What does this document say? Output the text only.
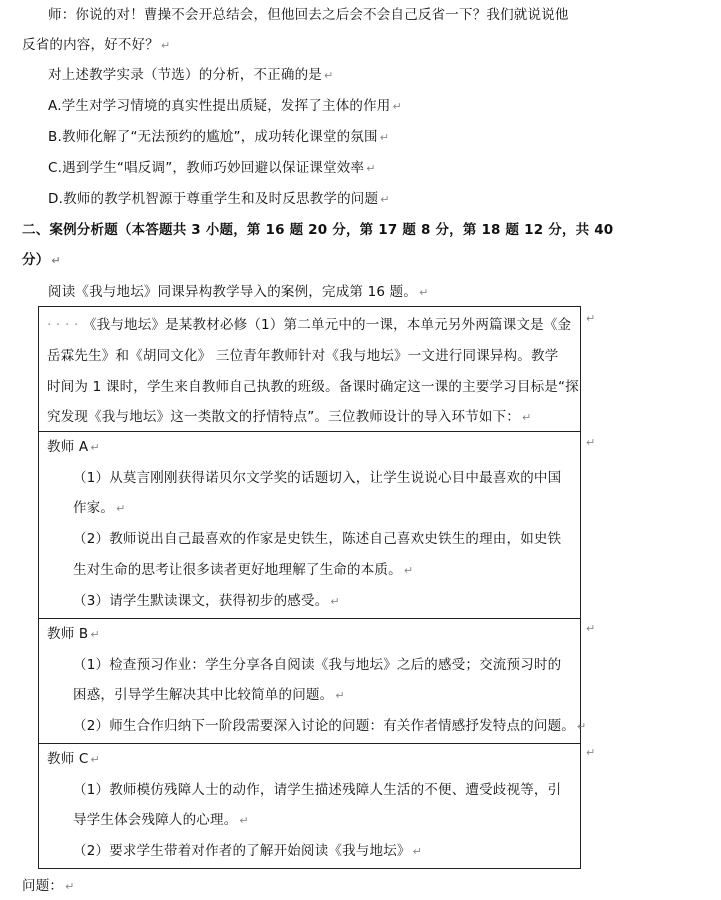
师：你说的对！曹操不会开总结会，但他回去之后会不会自己反省一下？我们就说说他
反省的内容，好不好？ ↵
对上述教学实录（节选）的分析，不正确的是 ↵
A.学生对学习情境的真实性提出质疑，发挥了主体的作用 ↵
B.教师化解了“无法预约的尴尬”，成功转化课堂的氛围 ↵
C.遇到学生“唱反调”，教师巧妙回避以保证课堂效率 ↵
D.教师的教学机智源于尊重学生和及时反思教学的问题 ↵
二、案例分析题（本答题共 3 小题，第 16 题 20 分，第 17 题 8 分，第 18 题 12 分，共 40
分） ↵
阅读《我与地坛》同课异构教学导入的案例，完成第 16 题。 ↵
· · · · 《我与地坛》是某教材必修（1）第二单元中的一课，本单元另外两篇课文是《金
岳霖先生》和《胡同文化》 三位青年教师针对《我与地坛》一文进行同课异构。教学
时间为 1 课时，学生来自教师自己执教的班级。备课时确定这一课的主要学习目标是“探
究发现《我与地坛》这一类散文的抒情特点”。三位教师设计的导入环节如下： ↵

教师 A ↵
（1）从莫言刚刚获得诺贝尔文学奖的话题切入，让学生说说心目中最喜欢的中国
作家。 ↵
（2）教师说出自己最喜欢的作家是史铁生，陈述自己喜欢史铁生的理由，如史铁
生对生命的思考让很多读者更好地理解了生命的本质。 ↵
（3）请学生默读课文，获得初步的感受。 ↵

教师 B ↵
（1）检查预习作业：学生分享各自阅读《我与地坛》之后的感受；交流预习时的
困惑，引导学生解决其中比较简单的问题。 ↵
（2）师生合作归纳下一阶段需要深入讨论的问题：有关作者情感抒发特点的问题。 ↵

教师 C ↵
（1）教师模仿残障人士的动作，请学生描述残障人生活的不便、遭受歧视等，引
导学生体会残障人的心理。 ↵
（2）要求学生带着对作者的了解开始阅读《我与地坛》 ↵
↵
↵
↵
↵
问题： ↵
